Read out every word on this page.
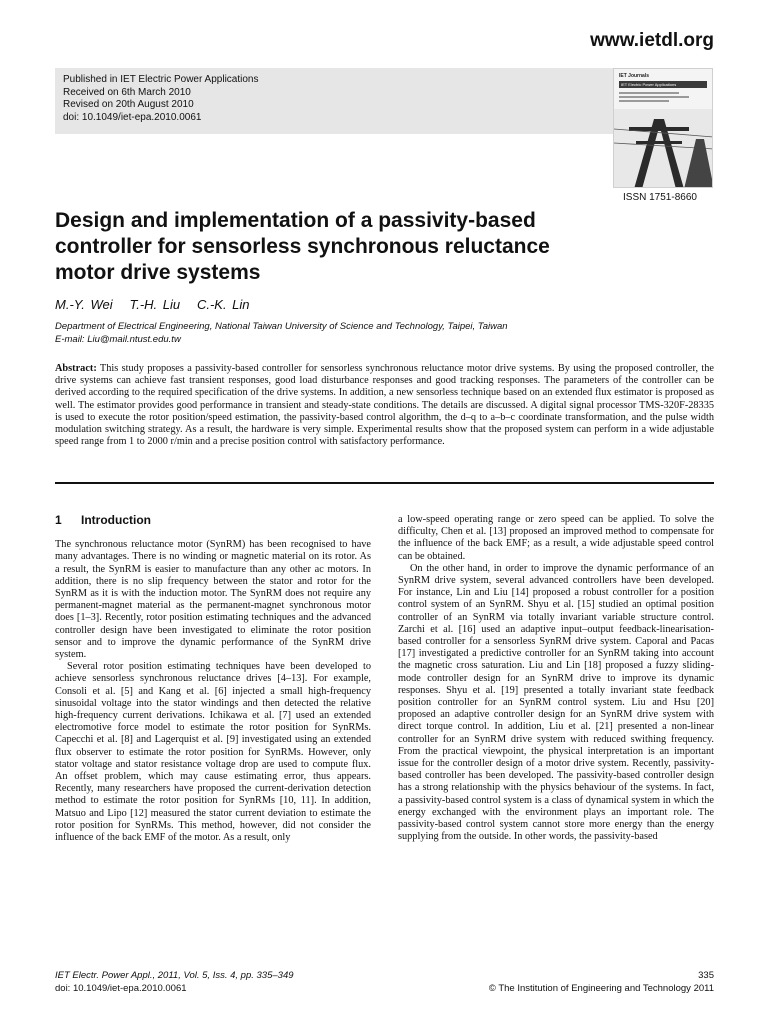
www.ietdl.org
Published in IET Electric Power Applications
Received on 6th March 2010
Revised on 20th August 2010
doi: 10.1049/iet-epa.2010.0061
IET Journals
IET Electric Power Applications
ISSN 1751-8660
Design and implementation of a passivity-based
controller for sensorless synchronous reluctance
motor drive systems
M.-Y. Wei   T.-H. Liu   C.-K. Lin
Department of Electrical Engineering, National Taiwan University of Science and Technology, Taipei, Taiwan
E-mail: Liu@mail.ntust.edu.tw
Abstract: This study proposes a passivity-based controller for sensorless synchronous reluctance motor drive systems. By using the proposed controller, the drive systems can achieve fast transient responses, good load disturbance responses and good tracking responses. The parameters of the controller can be derived according to the required specification of the drive systems. In addition, a new sensorless technique based on an extended flux estimator is proposed as well. The estimator provides good performance in transient and steady-state conditions. The details are discussed. A digital signal processor TMS-320F-28335 is used to execute the rotor position/speed estimation, the passivity-based control algorithm, the d–q to a–b–c coordinate transformation, and the pulse width modulation switching strategy. As a result, the hardware is very simple. Experimental results show that the proposed system can perform in a wide adjustable speed range from 1 to 2000 r/min and a precise position control with satisfactory performance.
1 Introduction

The synchronous reluctance motor (SynRM) has been recognised to have many advantages. There is no winding or magnetic material on its rotor. As a result, the SynRM is easier to manufacture than any other ac motors. In addition, there is no slip frequency between the stator and rotor for the SynRM as it is with the induction motor. The SynRM does not require any permanent-magnet material as the permanent-magnet synchronous motor does [1–3]. Recently, rotor position estimating techniques and the advanced controller design have been investigated to eliminate the rotor position sensor and to improve the dynamic performance of the SynRM drive system.

Several rotor position estimating techniques have been developed to achieve sensorless synchronous reluctance drives [4–13]. For example, Consoli et al. [5] and Kang et al. [6] injected a small high-frequency sinusoidal voltage into the stator windings and then detected the relative high-frequency current derivations. Ichikawa et al. [7] used an extended electromotive force model to estimate the rotor position for SynRMs. Capecchi et al. [8] and Lagerquist et al. [9] investigated using an extended flux observer to estimate the rotor position for SynRMs. However, only stator voltage and stator resistance voltage drop are used to compute flux. An offset problem, which may cause estimating error, thus appears. Recently, many researchers have proposed the current-derivation detection method to estimate the rotor position for SynRMs [10, 11]. In addition, Matsuo and Lipo [12] measured the stator current deviation to estimate the rotor position for SynRMs. This method, however, did not consider the influence of the back EMF of the motor. As a result, only

a low-speed operating range or zero speed can be applied. To solve the difficulty, Chen et al. [13] proposed an improved method to compensate for the influence of the back EMF; as a result, a wide adjustable speed control can be obtained.

On the other hand, in order to improve the dynamic performance of an SynRM drive system, several advanced controllers have been developed. For instance, Lin and Liu [14] proposed a robust controller for a position control system of an SynRM. Shyu et al. [15] studied an optimal position controller of an SynRM via totally invariant variable structure control. Zarchi et al. [16] used an adaptive input–output feedback-linearisation-based controller for a sensorless SynRM drive system. Caporal and Pacas [17] investigated a predictive controller for an SynRM taking into account the magnetic cross saturation. Liu and Lin [18] proposed a fuzzy sliding-mode controller design for an SynRM drive to improve its dynamic responses. Shyu et al. [19] presented a totally invariant state feedback position controller for an SynRM control system. Liu and Hsu [20] proposed an adaptive controller design for an SynRM drive system with direct torque control. In addition, Liu et al. [21] presented a non-linear controller for an SynRM drive system with reduced swithing frequency. From the practical viewpoint, the physical interpretation is an important issue for the controller design of a motor drive system. Recently, passivity-based controller has been developed. The passivity-based controller design has a strong relationship with the physics behaviour of the systems. In fact, a passivity-based control system is a class of dynamical system in which the energy exchanged with the environment plays an important role. The passivity-based control system cannot store more energy than the energy supplying from the outside. In other words, the passivity-based

IET Electr. Power Appl., 2011, Vol. 5, Iss. 4, pp. 335–349
doi: 10.1049/iet-epa.2010.0061
335
© The Institution of Engineering and Technology 2011
